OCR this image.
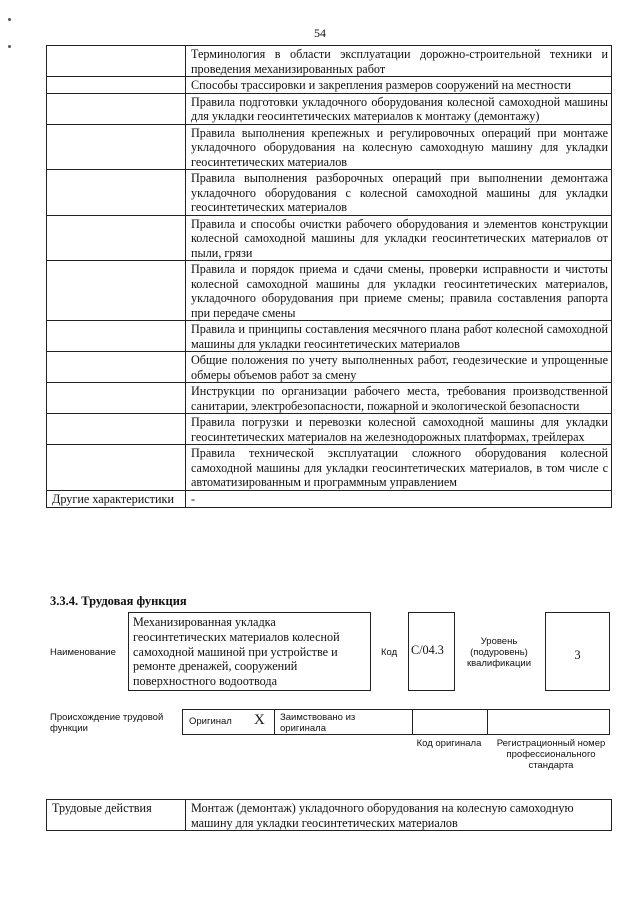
54
	Терминология в области эксплуатации дорожно-строительной техники и проведения механизированных работ
	Способы трассировки и закрепления размеров сооружений на местности
	Правила подготовки укладочного оборудования колесной самоходной машины для укладки геосинтетических материалов к монтажу (демонтажу)
	Правила выполнения крепежных и регулировочных операций при монтаже укладочного оборудования на колесную самоходную машину для укладки геосинтетических материалов
	Правила выполнения разборочных операций при выполнении демонтажа укладочного оборудования с колесной самоходной машины для укладки геосинтетических материалов
	Правила и способы очистки рабочего оборудования и элементов конструкции колесной самоходной машины для укладки геосинтетических материалов от пыли, грязи
	Правила и порядок приема и сдачи смены, проверки исправности и чистоты колесной самоходной машины для укладки геосинтетических материалов, укладочного оборудования при приеме смены; правила составления рапорта при передаче смены
	Правила и принципы составления месячного плана работ колесной самоходной машины для укладки геосинтетических материалов
	Общие положения по учету выполненных работ, геодезические и упрощенные обмеры объемов работ за смену
	Инструкции по организации рабочего места, требования производственной санитарии, электробезопасности, пожарной и экологической безопасности
	Правила погрузки и перевозки колесной самоходной машины для укладки геосинтетических материалов на железнодорожных платформах, трейлерах
	Правила технической эксплуатации сложного оборудования колесной самоходной машины для укладки геосинтетических материалов, в том числе с автоматизированным и программным управлением
Другие характеристики	-
3.3.4. Трудовая функция
Наименование
Механизированная укладка геосинтетических материалов колесной самоходной машиной при устройстве и ремонте дренажей, сооружений поверхностного водоотвода
Код C/04.3
Уровень (подуровень) квалификации
3
Происхождение трудовой функции
Оригинал X Заимствовано из оригинала
Код оригинала	Регистрационный номер профессионального стандарта
Трудовые действия	Монтаж (демонтаж) укладочного оборудования на колесную самоходную машину для укладки геосинтетических материалов
